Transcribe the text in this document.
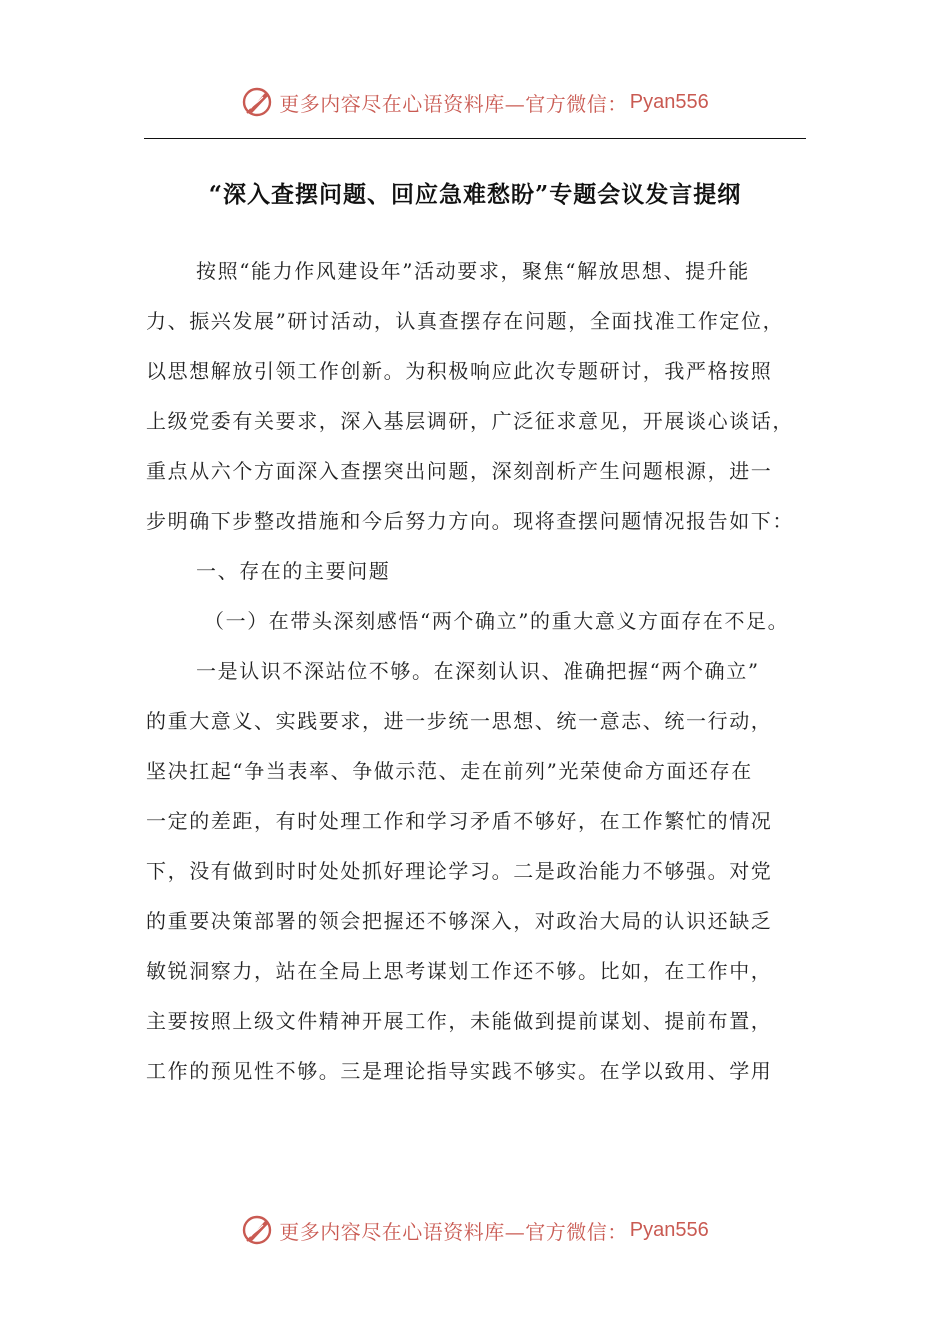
更多内容尽在心语资料库—官方微信： Pyan556
“深入查摆问题、回应急难愁盼”专题会议发言提纲
按照“能力作风建设年”活动要求，聚焦“解放思想、提升能
力、振兴发展”研讨活动，认真查摆存在问题，全面找准工作定位，
以思想解放引领工作创新。为积极响应此次专题研讨，我严格按照
上级党委有关要求，深入基层调研，广泛征求意见，开展谈心谈话，
重点从六个方面深入查摆突出问题，深刻剖析产生问题根源，进一
步明确下步整改措施和今后努力方向。现将查摆问题情况报告如下：
一、存在的主要问题
（一）在带头深刻感悟“两个确立”的重大意义方面存在不足。
一是认识不深站位不够。在深刻认识、准确把握“两个确立”
的重大意义、实践要求，进一步统一思想、统一意志、统一行动，
坚决扛起“争当表率、争做示范、走在前列”光荣使命方面还存在
一定的差距，有时处理工作和学习矛盾不够好，在工作繁忙的情况
下，没有做到时时处处抓好理论学习。二是政治能力不够强。对党
的重要决策部署的领会把握还不够深入，对政治大局的认识还缺乏
敏锐洞察力，站在全局上思考谋划工作还不够。比如，在工作中，
主要按照上级文件精神开展工作，未能做到提前谋划、提前布置，
工作的预见性不够。三是理论指导实践不够实。在学以致用、学用
更多内容尽在心语资料库—官方微信： Pyan556
